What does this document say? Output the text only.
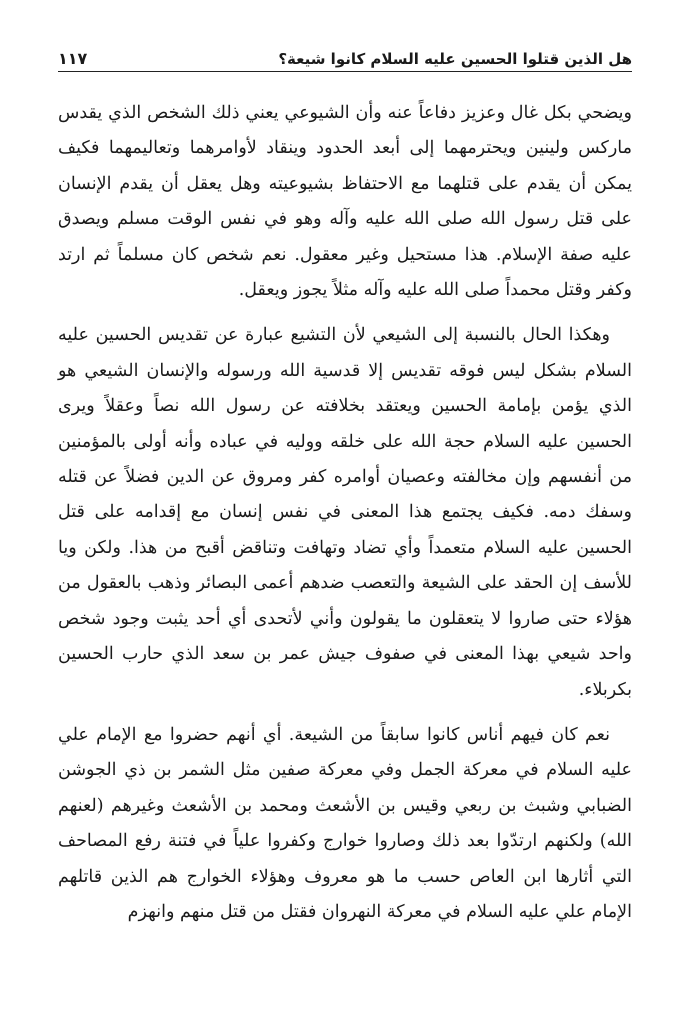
هل الذين قتلوا الحسين عليه السلام كانوا شيعة؟
١١٧

ويضحي بكل غال وعزيز دفاعاً عنه وأن الشيوعي يعني ذلك الشخص الذي يقدس ماركس ولينين ويحترمهما إلى أبعد الحدود وينقاد لأوامرهما وتعاليمهما فكيف يمكن أن يقدم على قتلهما مع الاحتفاظ بشيوعيته وهل يعقل أن يقدم الإنسان على قتل رسول الله صلى الله عليه وآله وهو في نفس الوقت مسلم ويصدق عليه صفة الإسلام. هذا مستحيل وغير معقول. نعم شخص كان مسلماً ثم ارتد وكفر وقتل محمداً صلى الله عليه وآله مثلاً يجوز ويعقل.

وهكذا الحال بالنسبة إلى الشيعي لأن التشيع عبارة عن تقديس الحسين عليه السلام بشكل ليس فوقه تقديس إلا قدسية الله ورسوله والإنسان الشيعي هو الذي يؤمن بإمامة الحسين ويعتقد بخلافته عن رسول الله نصاً وعقلاً ويرى الحسين عليه السلام حجة الله على خلقه ووليه في عباده وأنه أولى بالمؤمنين من أنفسهم وإن مخالفته وعصيان أوامره كفر ومروق عن الدين فضلاً عن قتله وسفك دمه. فكيف يجتمع هذا المعنى في نفس إنسان مع إقدامه على قتل الحسين عليه السلام متعمداً وأي تضاد وتهافت وتناقض أقبح من هذا. ولكن ويا للأسف إن الحقد على الشيعة والتعصب ضدهم أعمى البصائر وذهب بالعقول من هؤلاء حتى صاروا لا يتعقلون ما يقولون وأني لأتحدى أي أحد يثبت وجود شخص واحد شيعي بهذا المعنى في صفوف جيش عمر بن سعد الذي حارب الحسين بكربلاء.

نعم كان فيهم أناس كانوا سابقاً من الشيعة. أي أنهم حضروا مع الإمام علي عليه السلام في معركة الجمل وفي معركة صفين مثل الشمر بن ذي الجوشن الضبابي وشبث بن ربعي وقيس بن الأشعث ومحمد بن الأشعث وغيرهم (لعنهم الله) ولكنهم ارتدّوا بعد ذلك وصاروا خوارج وكفروا علياً في فتنة رفع المصاحف التي أثارها ابن العاص حسب ما هو معروف وهؤلاء الخوارج هم الذين قاتلهم الإمام علي عليه السلام في معركة النهروان فقتل من قتل منهم وانهزم
